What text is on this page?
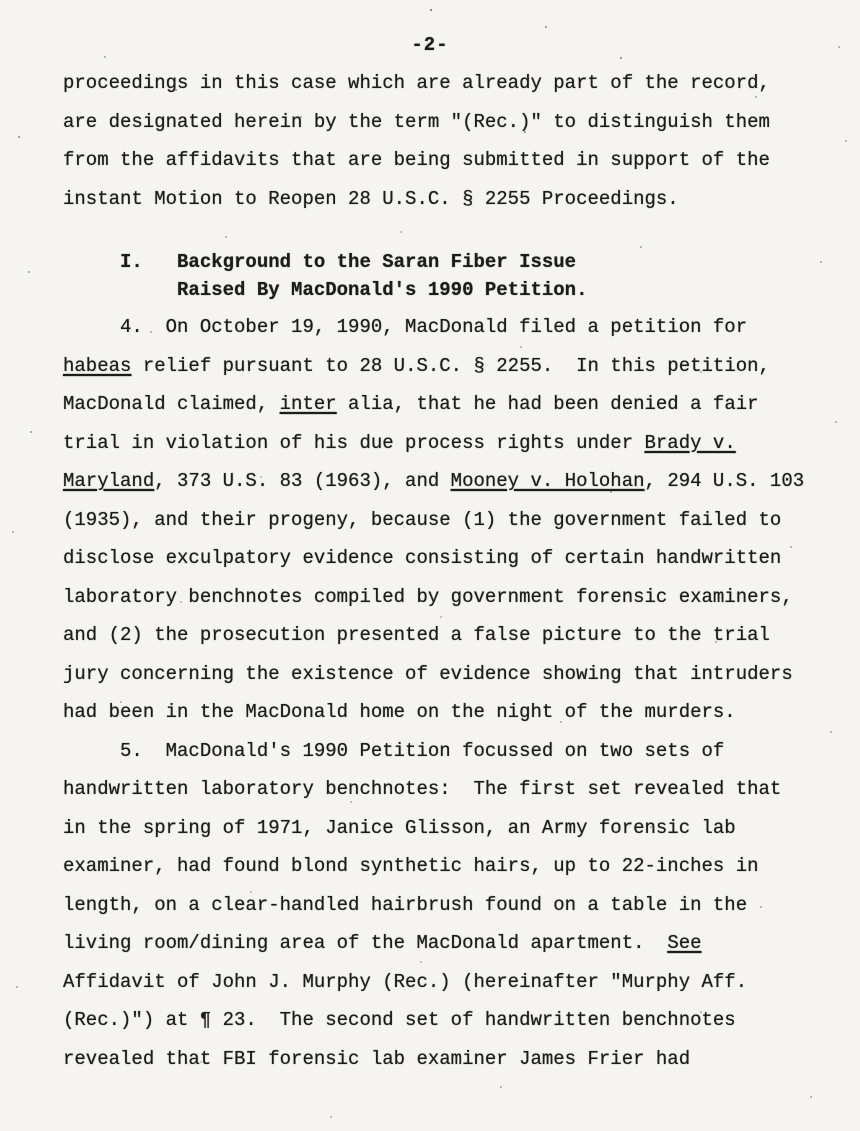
-2-
proceedings in this case which are already part of the record,
are designated herein by the term "(Rec.)" to distinguish them
from the affidavits that are being submitted in support of the
instant Motion to Reopen 28 U.S.C. § 2255 Proceedings.
I.   Background to the Saran Fiber Issue
Raised By MacDonald's 1990 Petition.
4.  On October 19, 1990, MacDonald filed a petition for
habeas relief pursuant to 28 U.S.C. § 2255.  In this petition,
MacDonald claimed, inter alia, that he had been denied a fair
trial in violation of his due process rights under Brady v.
Maryland, 373 U.S. 83 (1963), and Mooney v. Holohan, 294 U.S. 103
(1935), and their progeny, because (1) the government failed to
disclose exculpatory evidence consisting of certain handwritten
laboratory benchnotes compiled by government forensic examiners,
and (2) the prosecution presented a false picture to the trial
jury concerning the existence of evidence showing that intruders
had been in the MacDonald home on the night of the murders.
5.  MacDonald's 1990 Petition focussed on two sets of
handwritten laboratory benchnotes:  The first set revealed that
in the spring of 1971, Janice Glisson, an Army forensic lab
examiner, had found blond synthetic hairs, up to 22-inches in
length, on a clear-handled hairbrush found on a table in the
living room/dining area of the MacDonald apartment.  See
Affidavit of John J. Murphy (Rec.) (hereinafter "Murphy Aff.
(Rec.)") at ¶ 23.  The second set of handwritten benchnotes
revealed that FBI forensic lab examiner James Frier had
